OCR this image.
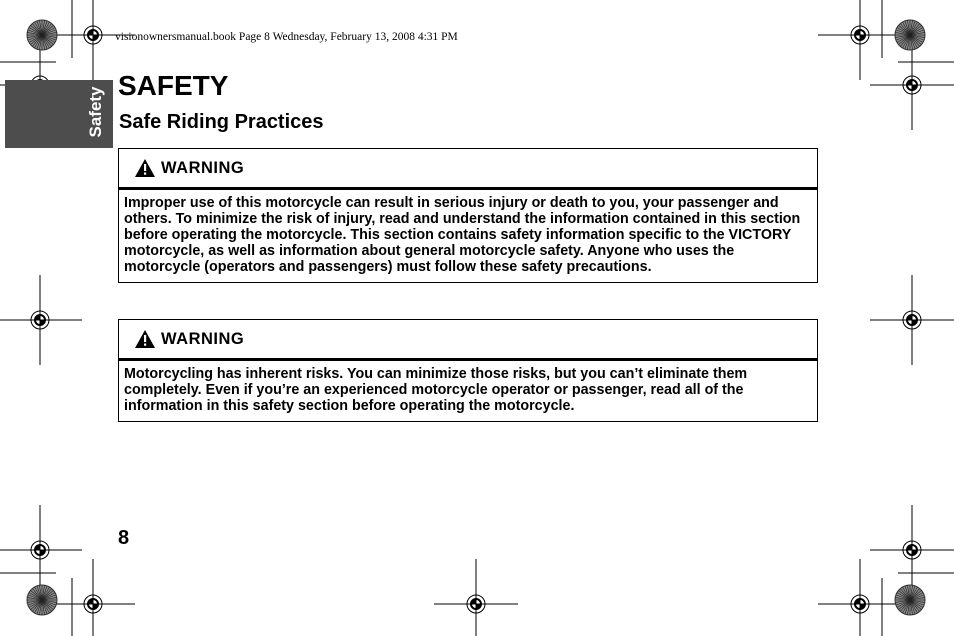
visionownersmanual.book Page 8 Wednesday, February 13, 2008 4:31 PM
Safety
SAFETY
Safe Riding Practices
WARNING
Improper use of this motorcycle can result in serious injury or death to you, your passenger and others. To minimize the risk of injury, read and understand the information contained in this section before operating the motorcycle. This section contains safety information specific to the VICTORY motorcycle, as well as information about general motorcycle safety. Anyone who uses the motorcycle (operators and passengers) must follow these safety precautions.
WARNING
Motorcycling has inherent risks. You can minimize those risks, but you can’t eliminate them completely. Even if you’re an experienced motorcycle operator or passenger, read all of the information in this safety section before operating the motorcycle.
8
